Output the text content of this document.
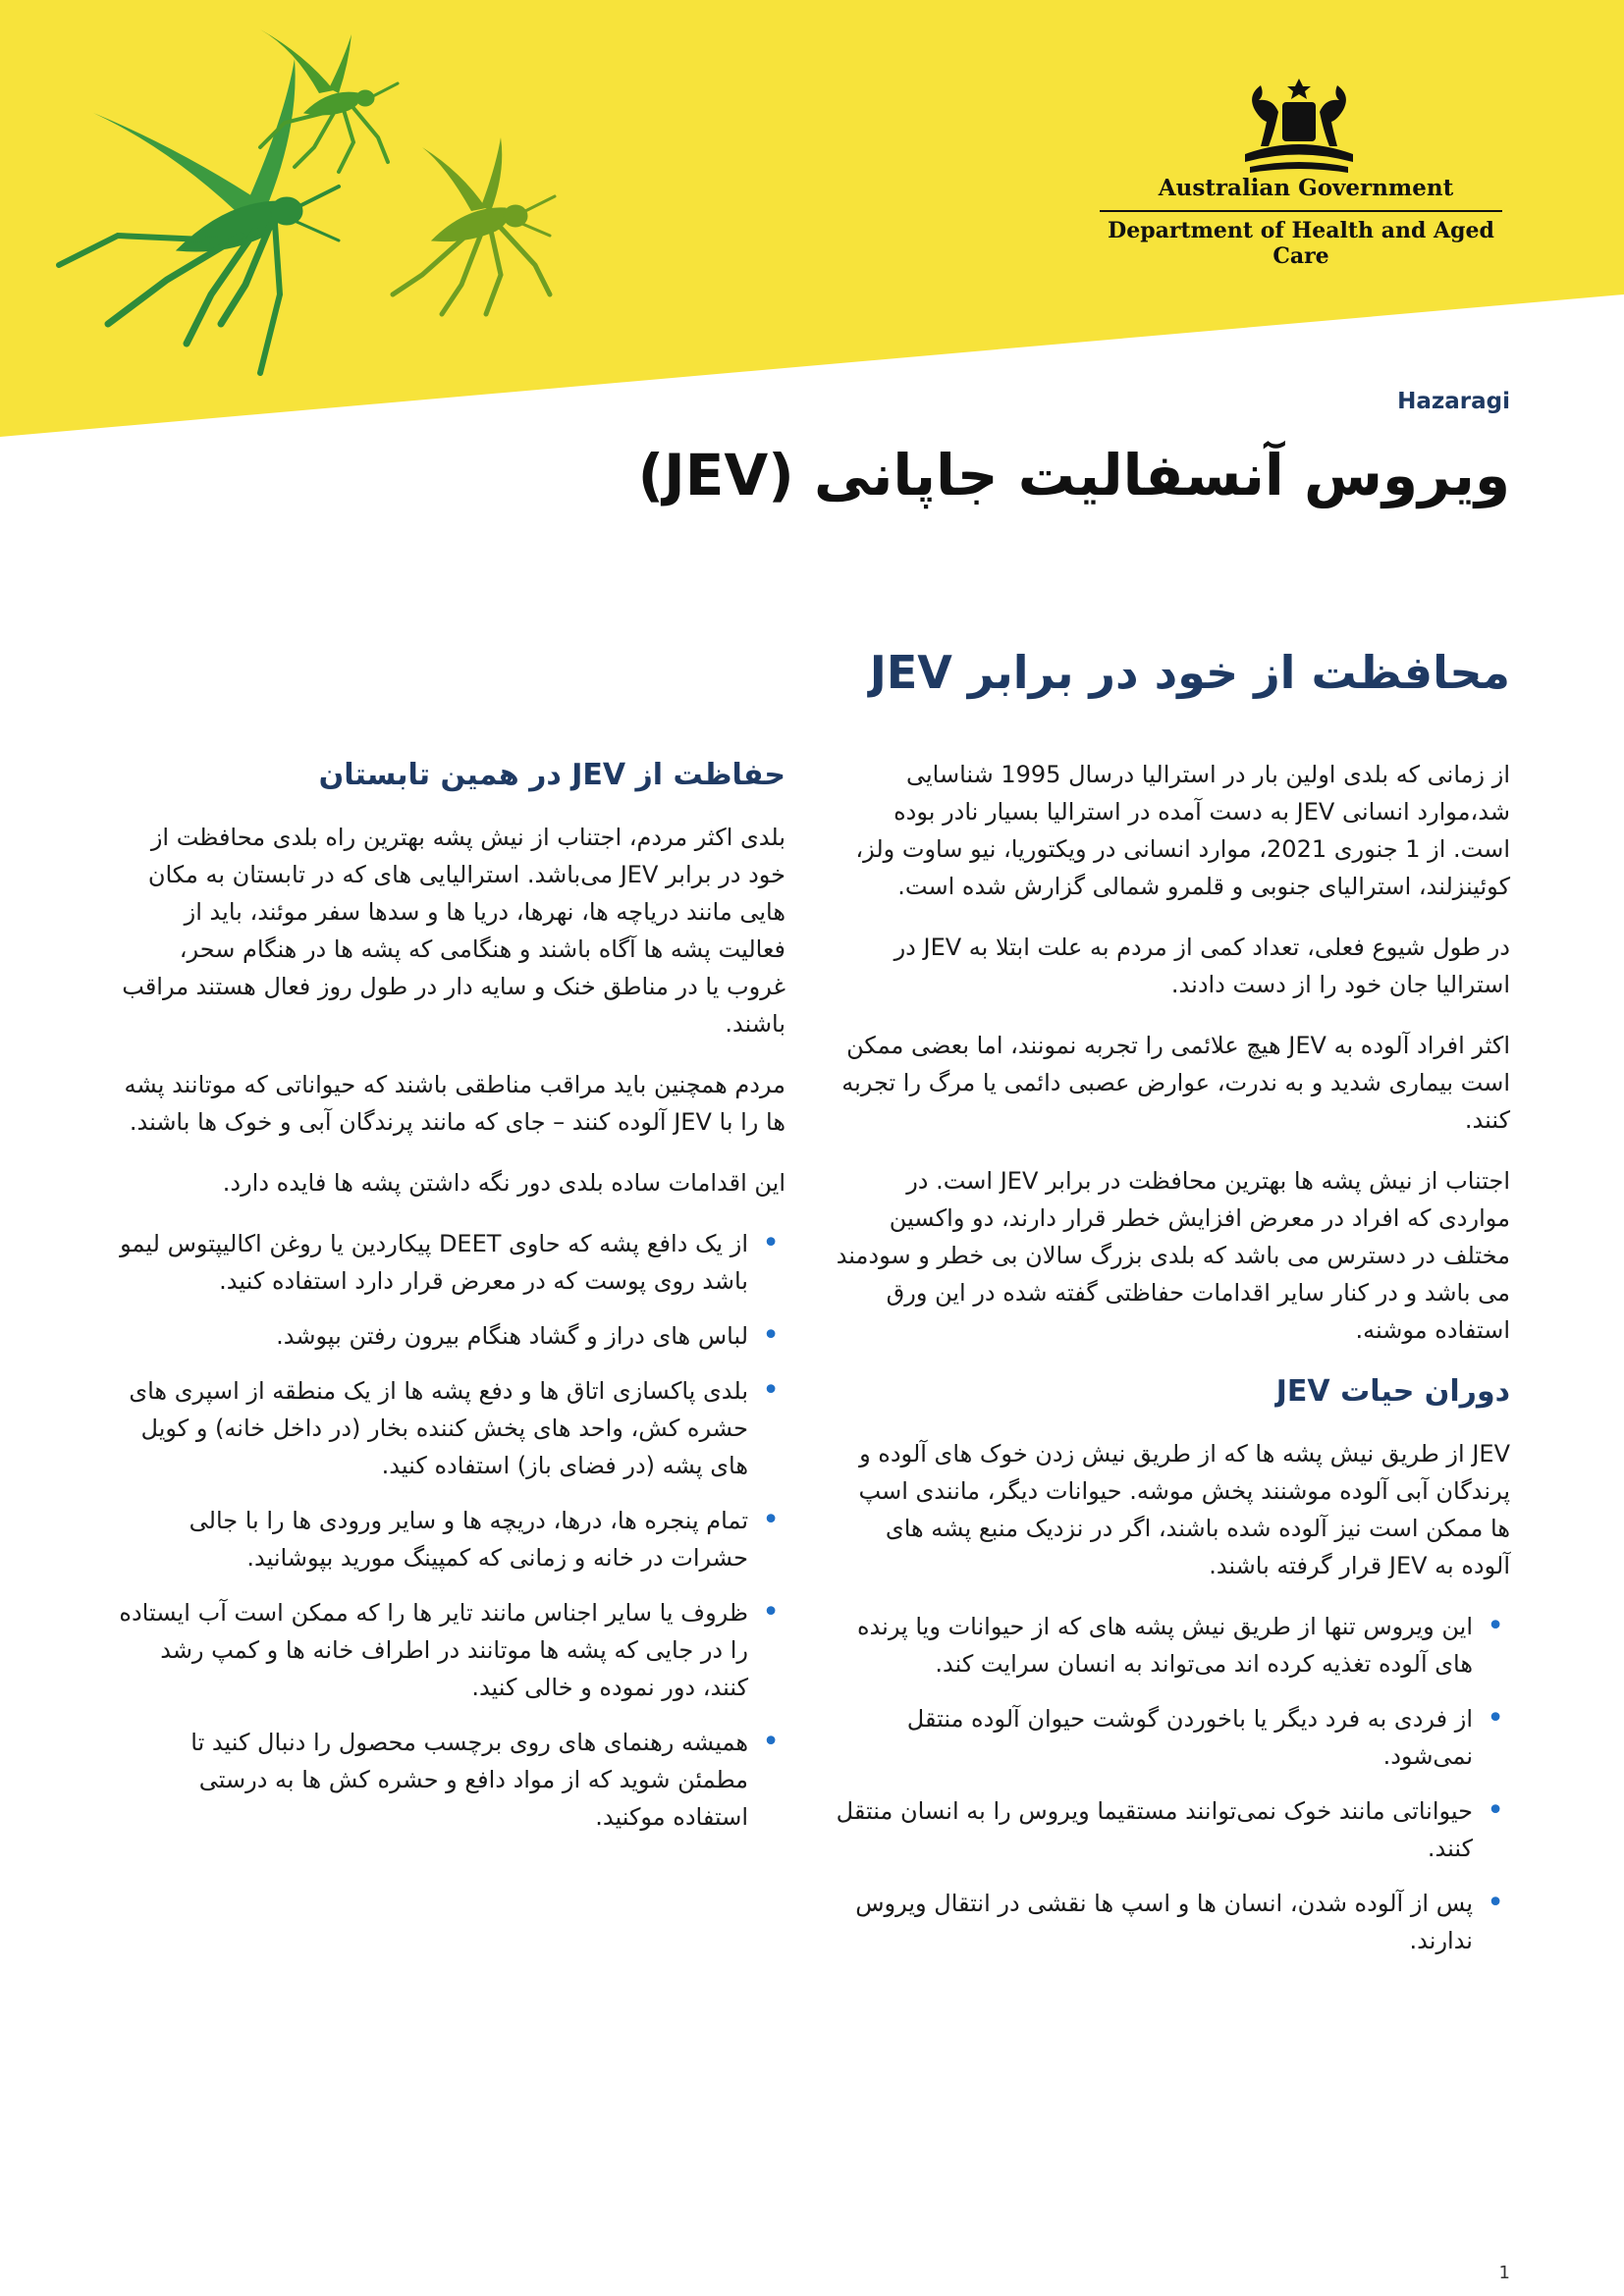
Australian Government
Department of Health and Aged Care
Hazaragi
ویروس آنسفالیت جاپانی (JEV)
محافظت از خود در برابر JEV

از زمانی که بلدی اولین بار در استرالیا درسال 1995 شناسایی شد،موارد انسانی JEV به دست آمده در استرالیا بسیار نادر بوده است. از 1 جنوری 2021، موارد انسانی در ویکتوریا، نیو ساوت ولز، کوئینزلند، استرالیای جنوبی و قلمرو شمالی گزارش شده است.

در طول شیوع فعلی، تعداد کمی از مردم به علت ابتلا به JEV در استرالیا جان خود را از دست دادند.

اکثر افراد آلوده به JEV هیچ علائمی را تجربه نمونند، اما بعضی ممکن است بیماری شدید و به ندرت، عوارض عصبی دائمی یا مرگ را تجربه کنند.

اجتناب از نیش پشه ها بهترین محافظت در برابر JEV است. در مواردی که افراد در معرض افزایش خطر قرار دارند، دو واکسین مختلف در دسترس می باشد که بلدی بزرگ سالان بی خطر و سودمند می باشد و در کنار سایر اقدامات حفاظتی گفته شده در این ورق استفاده موشنه.

دوران حیات JEV

JEV از طریق نیش پشه ها که از طریق نیش زدن خوک های آلوده و پرندگان آبی آلوده موشنند پخش موشه. حیوانات دیگر، مانندی اسپ ها ممکن است نیز آلوده شده باشند، اگر در نزدیک منبع پشه های آلوده به JEV قرار گرفته باشند.

• این ویروس تنها از طریق نیش پشه های که از حیوانات ویا پرنده های آلوده تغذیه کرده اند می‌تواند به انسان سرایت کند.
• از فردی به فرد دیگر یا باخوردن گوشت حیوان آلوده منتقل نمی‌شود.
• حیواناتی مانند خوک نمی‌توانند مستقیما ویروس را به انسان منتقل کنند.
• پس از آلوده شدن، انسان ها و اسپ ها نقشی در انتقال ویروس ندارند.
حفاظت از JEV در همین تابستان

بلدی اکثر مردم، اجتناب از نیش پشه بهترین راه بلدی محافظت از خود در برابر JEV می‌باشد. استرالیایی های که در تابستان به مکان هایی مانند دریاچه ها، نهرها، دریا ها و سدها سفر موئند، باید از فعالیت پشه ها آگاه باشند و هنگامی که پشه ها در هنگام سحر، غروب یا در مناطق خنک و سایه دار در طول روز فعال هستند مراقب باشند.

مردم همچنین باید مراقب مناطقی باشند که حیواناتی که موتانند پشه ها را با JEV آلوده کنند – جای که مانند پرندگان آبی و خوک ها باشند.

این اقدامات ساده بلدی دور نگه داشتن پشه ها فایده دارد.

• از یک دافع پشه که حاوی DEET پیکاردین یا روغن اکالیپتوس لیمو باشد روی پوست که در معرض قرار دارد استفاده کنید.
• لباس های دراز و گشاد هنگام بیرون رفتن بپوشد.
• بلدی پاکسازی اتاق ها و دفع پشه ها از یک منطقه از اسپری های حشره کش، واحد های پخش کننده بخار (در داخل خانه) و کویل های پشه (در فضای باز) استفاده کنید.
• تمام پنجره ها، درها، دریچه ها و سایر ورودی ها را با جالی حشرات در خانه و زمانی که کمپینگ مورید بپوشانید.
• ظروف یا سایر اجناس مانند تایر ها را که ممکن است آب ایستاده را در جایی که پشه ها موتانند در اطراف خانه ها و کمپ رشد کنند، دور نموده و خالی کنید.
• همیشه رهنمای های روی برچسب محصول را دنبال کنید تا مطمئن شوید که از مواد دافع و حشره کش ها به درستی استفاده موکنید.
1
